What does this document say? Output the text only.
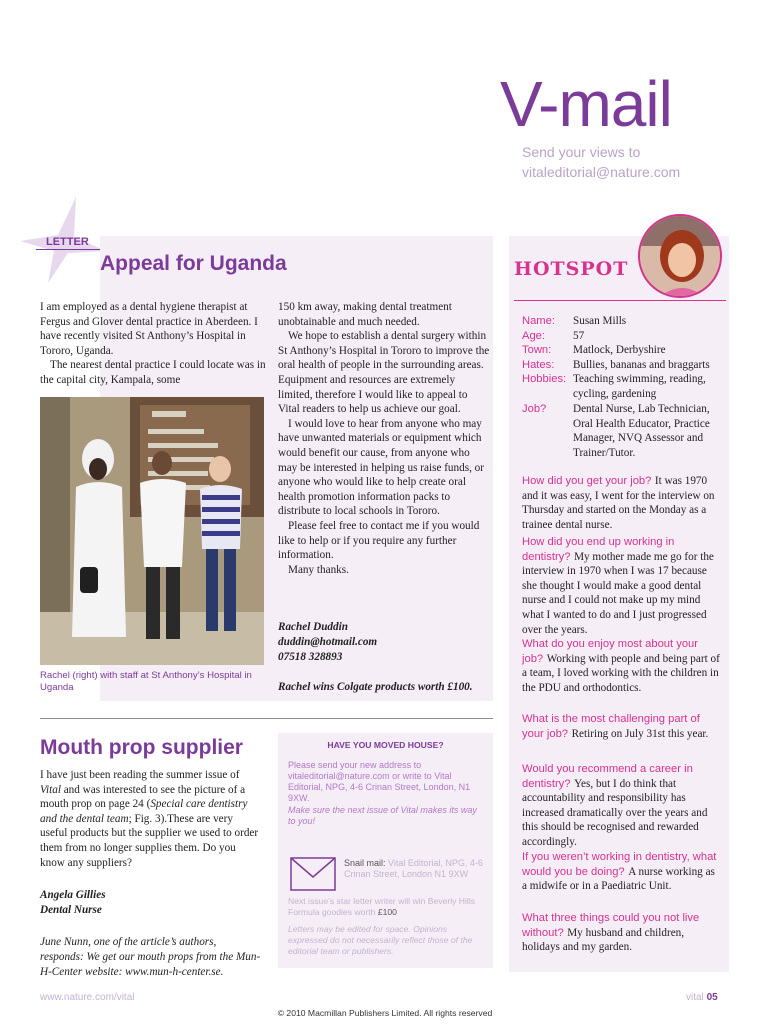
V-mail
Send your views to
vitaleditorial@nature.com
LETTER
Appeal for Uganda

I am employed as a dental hygiene therapist at Fergus and Glover dental practice in Aberdeen. I have recently visited St Anthony’s Hospital in Tororo, Uganda.

The nearest dental practice I could locate was in the capital city, Kampala, some

Rachel (right) with staff at St Anthony’s Hospital in Uganda

150 km away, making dental treatment unobtainable and much needed.

We hope to establish a dental surgery within St Anthony’s Hospital in Tororo to improve the oral health of people in the surrounding areas. Equipment and resources are extremely limited, therefore I would like to appeal to Vital readers to help us achieve our goal.

I would love to hear from anyone who may have unwanted materials or equipment which would benefit our cause, from anyone who may be interested in helping us raise funds, or anyone who would like to help create oral health promotion information packs to distribute to local schools in Tororo.

Please feel free to contact me if you would like to help or if you require any further information.

Many thanks.

Rachel Duddin
duddin@hotmail.com
07518 328893
Rachel wins Colgate products worth £100.
Mouth prop supplier

I have just been reading the summer issue of Vital and was interested to see the picture of a mouth prop on page 24 (Special care dentistry and the dental team; Fig. 3).These are very useful products but the supplier we used to order them from no longer supplies them. Do you know any suppliers?

Angela Gillies

Dental Nurse

June Nunn, one of the article’s authors, responds: We get our mouth props from the Mun-H-Center website: www.mun-h-center.se.

HAVE YOU MOVED HOUSE?
Please send your new address to vitaleditorial@nature.com or write to Vital Editorial, NPG, 4-6 Crinan Street, London, N1 9XW.
Make sure the next issue of Vital makes its way to you!
Snail mail: Vital Editorial, NPG, 4-6 Crinan Street, London N1 9XW
Next issue’s star letter writer will win Beverly Hills Formula goodies worth £100
Letters may be edited for space. Opinions expressed do not necessarily reflect those of the editorial team or publishers.
HOTSPOT
Name: Susan Mills
Age: 57
Town: Matlock, Derbyshire
Hates: Bullies, bananas and braggarts
Hobbies: Teaching swimming, reading, cycling, gardening
Job? Dental Nurse, Lab Technician, Oral Health Educator, Practice Manager, NVQ Assessor and Trainer/Tutor.
How did you get your job? It was 1970 and it was easy, I went for the interview on Thursday and started on the Monday as a trainee dental nurse.
How did you end up working in dentistry? My mother made me go for the interview in 1970 when I was 17 because she thought I would make a good dental nurse and I could not make up my mind what I wanted to do and I just progressed over the years.
What do you enjoy most about your job? Working with people and being part of a team, I loved working with the children in the PDU and orthodontics.
What is the most challenging part of your job? Retiring on July 31st this year.
Would you recommend a career in dentistry? Yes, but I do think that accountability and responsibility has increased dramatically over the years and this should be recognised and rewarded accordingly.
If you weren’t working in dentistry, what would you be doing? A nurse working as a midwife or in a Paediatric Unit.
What three things could you not live without? My husband and children, holidays and my garden.
www.nature.com/vital	vital 05
© 2010 Macmillan Publishers Limited. All rights reserved
